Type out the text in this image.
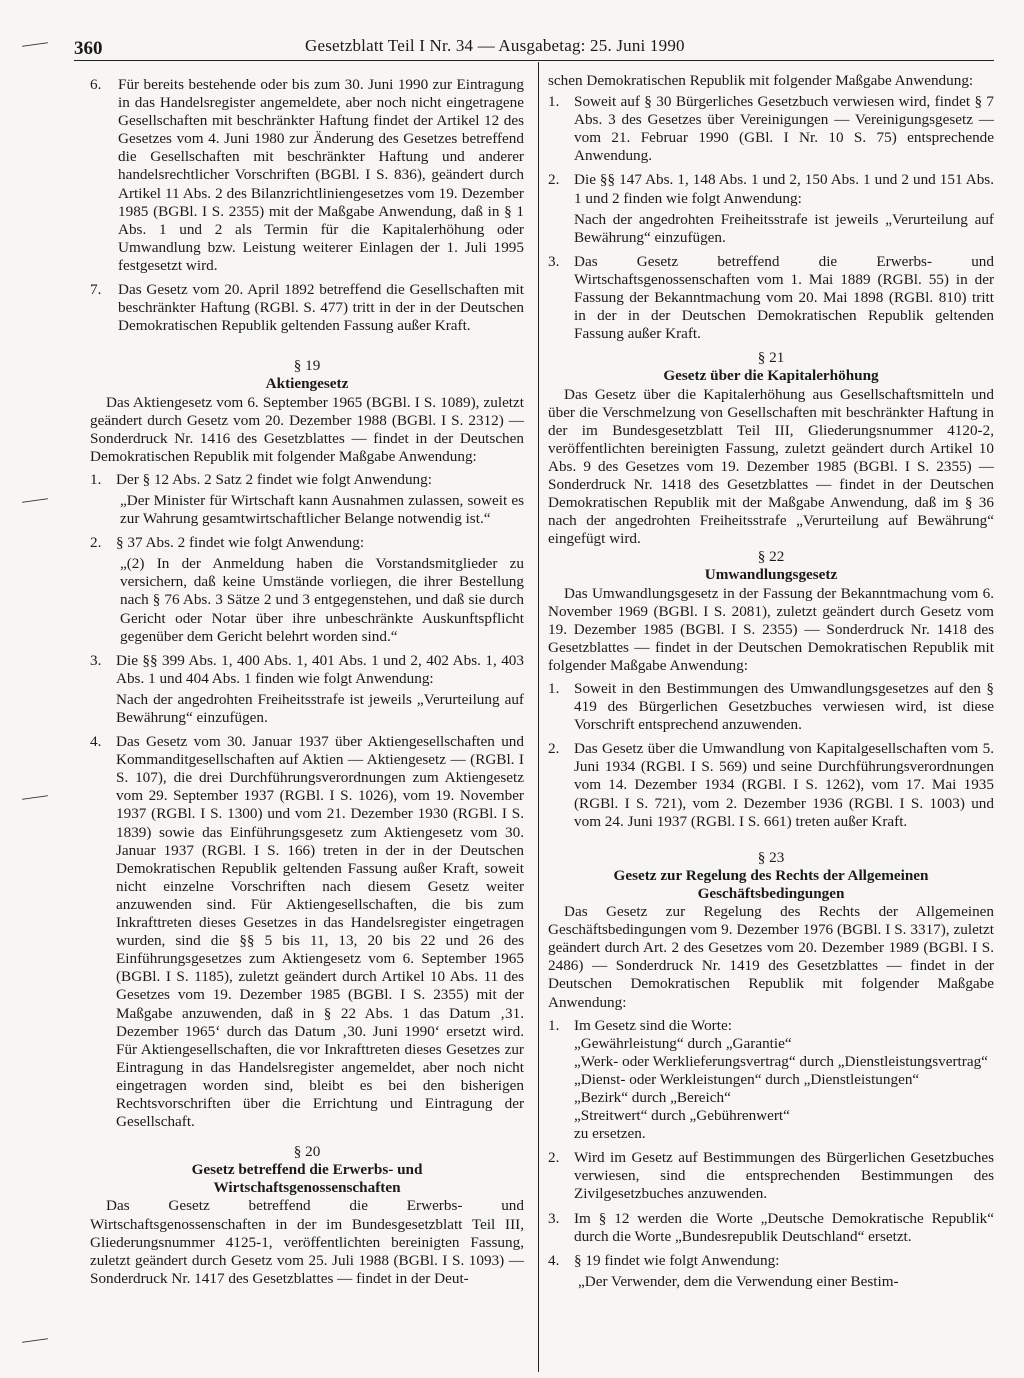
360	Gesetzblatt Teil I Nr. 34 — Ausgabetag: 25. Juni 1990
6. Für bereits bestehende oder bis zum 30. Juni 1990 zur Eintragung in das Handelsregister angemeldete, aber noch nicht eingetragene Gesellschaften mit beschränkter Haftung findet der Artikel 12 des Gesetzes vom 4. Juni 1980 zur Änderung des Gesetzes betreffend die Gesellschaften mit beschränkter Haftung und anderer handelsrechtlicher Vorschriften (BGBl. I S. 836), geändert durch Artikel 11 Abs. 2 des Bilanzrichtliniengesetzes vom 19. Dezember 1985 (BGBl. I S. 2355) mit der Maßgabe Anwendung, daß in § 1 Abs. 1 und 2 als Termin für die Kapitalerhöhung oder Umwandlung bzw. Leistung weiterer Einlagen der 1. Juli 1995 festgesetzt wird.

7. Das Gesetz vom 20. April 1892 betreffend die Gesellschaften mit beschränkter Haftung (RGBl. S. 477) tritt in der in der Deutschen Demokratischen Republik geltenden Fassung außer Kraft.

§ 19

Aktiengesetz

Das Aktiengesetz vom 6. September 1965 (BGBl. I S. 1089), zuletzt geändert durch Gesetz vom 20. Dezember 1988 (BGBl. I S. 2312) — Sonderdruck Nr. 1416 des Gesetzblattes — findet in der Deutschen Demokratischen Republik mit folgender Maßgabe Anwendung:

1. Der § 12 Abs. 2 Satz 2 findet wie folgt Anwendung:

„Der Minister für Wirtschaft kann Ausnahmen zulassen, soweit es zur Wahrung gesamtwirtschaftlicher Belange notwendig ist.“

2. § 37 Abs. 2 findet wie folgt Anwendung:

„(2) In der Anmeldung haben die Vorstandsmitglieder zu versichern, daß keine Umstände vorliegen, die ihrer Bestellung nach § 76 Abs. 3 Sätze 2 und 3 entgegenstehen, und daß sie durch Gericht oder Notar über ihre unbeschränkte Auskunftspflicht gegenüber dem Gericht belehrt worden sind.“

3. Die §§ 399 Abs. 1, 400 Abs. 1, 401 Abs. 1 und 2, 402 Abs. 1, 403 Abs. 1 und 404 Abs. 1 finden wie folgt Anwendung:

Nach der angedrohten Freiheitsstrafe ist jeweils „Verurteilung auf Bewährung“ einzufügen.

4. Das Gesetz vom 30. Januar 1937 über Aktiengesellschaften und Kommanditgesellschaften auf Aktien — Aktiengesetz — (RGBl. I S. 107), die drei Durchführungsverordnungen zum Aktiengesetz vom 29. September 1937 (RGBl. I S. 1026), vom 19. November 1937 (RGBl. I S. 1300) und vom 21. Dezember 1930 (RGBl. I S. 1839) sowie das Einführungsgesetz zum Aktiengesetz vom 30. Januar 1937 (RGBl. I S. 166) treten in der in der Deutschen Demokratischen Republik geltenden Fassung außer Kraft, soweit nicht einzelne Vorschriften nach diesem Gesetz weiter anzuwenden sind. Für Aktiengesellschaften, die bis zum Inkrafttreten dieses Gesetzes in das Handelsregister eingetragen wurden, sind die §§ 5 bis 11, 13, 20 bis 22 und 26 des Einführungsgesetzes zum Aktiengesetz vom 6. September 1965 (BGBl. I S. 1185), zuletzt geändert durch Artikel 10 Abs. 11 des Gesetzes vom 19. Dezember 1985 (BGBl. I S. 2355) mit der Maßgabe anzuwenden, daß in § 22 Abs. 1 das Datum ‚31. Dezember 1965‘ durch das Datum ‚30. Juni 1990‘ ersetzt wird. Für Aktiengesellschaften, die vor Inkrafttreten dieses Gesetzes zur Eintragung in das Handelsregister angemeldet, aber noch nicht eingetragen worden sind, bleibt es bei den bisherigen Rechtsvorschriften über die Errichtung und Eintragung der Gesellschaft.

§ 20

Gesetz betreffend die Erwerbs- und

Wirtschaftsgenossenschaften

Das Gesetz betreffend die Erwerbs- und Wirtschaftsgenossenschaften in der im Bundesgesetzblatt Teil III, Gliederungsnummer 4125-1, veröffentlichten bereinigten Fassung, zuletzt geändert durch Gesetz vom 25. Juli 1988 (BGBl. I S. 1093) — Sonderdruck Nr. 1417 des Gesetzblattes — findet in der Deut-

schen Demokratischen Republik mit folgender Maßgabe Anwendung:

1. Soweit auf § 30 Bürgerliches Gesetzbuch verwiesen wird, findet § 7 Abs. 3 des Gesetzes über Vereinigungen — Vereinigungsgesetz — vom 21. Februar 1990 (GBl. I Nr. 10 S. 75) entsprechende Anwendung.

2. Die §§ 147 Abs. 1, 148 Abs. 1 und 2, 150 Abs. 1 und 2 und 151 Abs. 1 und 2 finden wie folgt Anwendung:

Nach der angedrohten Freiheitsstrafe ist jeweils „Verurteilung auf Bewährung“ einzufügen.

3. Das Gesetz betreffend die Erwerbs- und Wirtschaftsgenossenschaften vom 1. Mai 1889 (RGBl. 55) in der Fassung der Bekanntmachung vom 20. Mai 1898 (RGBl. 810) tritt in der in der Deutschen Demokratischen Republik geltenden Fassung außer Kraft.

§ 21

Gesetz über die Kapitalerhöhung

Das Gesetz über die Kapitalerhöhung aus Gesellschaftsmitteln und über die Verschmelzung von Gesellschaften mit beschränkter Haftung in der im Bundesgesetzblatt Teil III, Gliederungsnummer 4120-2, veröffentlichten bereinigten Fassung, zuletzt geändert durch Artikel 10 Abs. 9 des Gesetzes vom 19. Dezember 1985 (BGBl. I S. 2355) — Sonderdruck Nr. 1418 des Gesetzblattes — findet in der Deutschen Demokratischen Republik mit der Maßgabe Anwendung, daß im § 36 nach der angedrohten Freiheitsstrafe „Verurteilung auf Bewährung“ eingefügt wird.

§ 22

Umwandlungsgesetz

Das Umwandlungsgesetz in der Fassung der Bekanntmachung vom 6. November 1969 (BGBl. I S. 2081), zuletzt geändert durch Gesetz vom 19. Dezember 1985 (BGBl. I S. 2355) — Sonderdruck Nr. 1418 des Gesetzblattes — findet in der Deutschen Demokratischen Republik mit folgender Maßgabe Anwendung:

1. Soweit in den Bestimmungen des Umwandlungsgesetzes auf den § 419 des Bürgerlichen Gesetzbuches verwiesen wird, ist diese Vorschrift entsprechend anzuwenden.

2. Das Gesetz über die Umwandlung von Kapitalgesellschaften vom 5. Juni 1934 (RGBl. I S. 569) und seine Durchführungsverordnungen vom 14. Dezember 1934 (RGBl. I S. 1262), vom 17. Mai 1935 (RGBl. I S. 721), vom 2. Dezember 1936 (RGBl. I S. 1003) und vom 24. Juni 1937 (RGBl. I S. 661) treten außer Kraft.

§ 23

Gesetz zur Regelung des Rechts der Allgemeinen

Geschäftsbedingungen

Das Gesetz zur Regelung des Rechts der Allgemeinen Geschäftsbedingungen vom 9. Dezember 1976 (BGBl. I S. 3317), zuletzt geändert durch Art. 2 des Gesetzes vom 20. Dezember 1989 (BGBl. I S. 2486) — Sonderdruck Nr. 1419 des Gesetzblattes — findet in der Deutschen Demokratischen Republik mit folgender Maßgabe Anwendung:

1. Im Gesetz sind die Worte:

„Gewährleistung“ durch „Garantie“

„Werk- oder Werklieferungsvertrag“ durch „Dienstleistungsvertrag“

„Dienst- oder Werkleistungen“ durch „Dienstleistungen“

„Bezirk“ durch „Bereich“

„Streitwert“ durch „Gebührenwert“

zu ersetzen.

2. Wird im Gesetz auf Bestimmungen des Bürgerlichen Gesetzbuches verwiesen, sind die entsprechenden Bestimmungen des Zivilgesetzbuches anzuwenden.

3. Im § 12 werden die Worte „Deutsche Demokratische Republik“ durch die Worte „Bundesrepublik Deutschland“ ersetzt.

4. § 19 findet wie folgt Anwendung:

„Der Verwender, dem die Verwendung einer Bestim-
